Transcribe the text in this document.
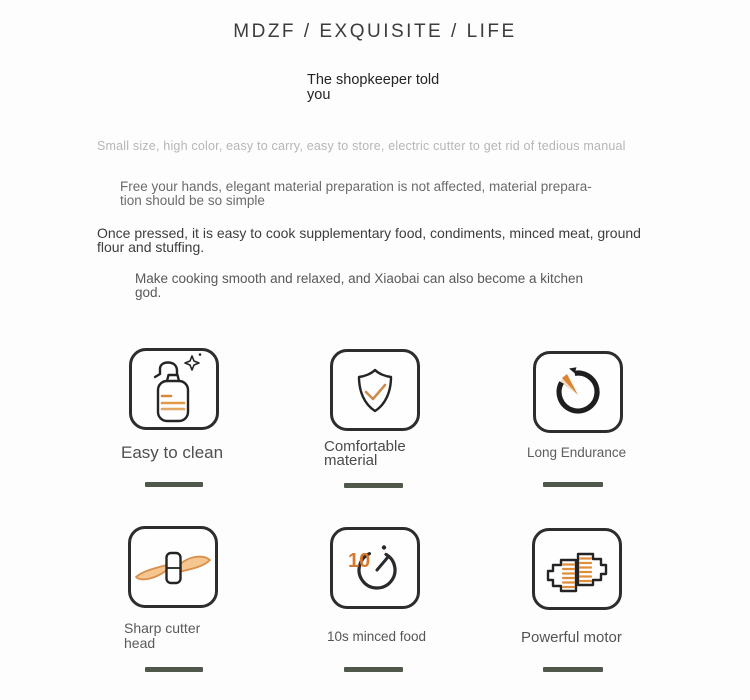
MDZF / EXQUISITE / LIFE
The shopkeeper told
you
Small size, high color, easy to carry, easy to store, electric cutter to get rid of tedious manual
Free your hands, elegant material preparation is not affected, material prepara-
tion should be so simple
Once pressed, it is easy to cook supplementary food, condiments, minced meat, ground
flour and stuffing.
Make cooking smooth and relaxed, and Xiaobai can also become a kitchen
god.
Easy to clean	Comfortable material	Long Endurance
Sharp cutter head
10
10s minced food	Powerful motor
